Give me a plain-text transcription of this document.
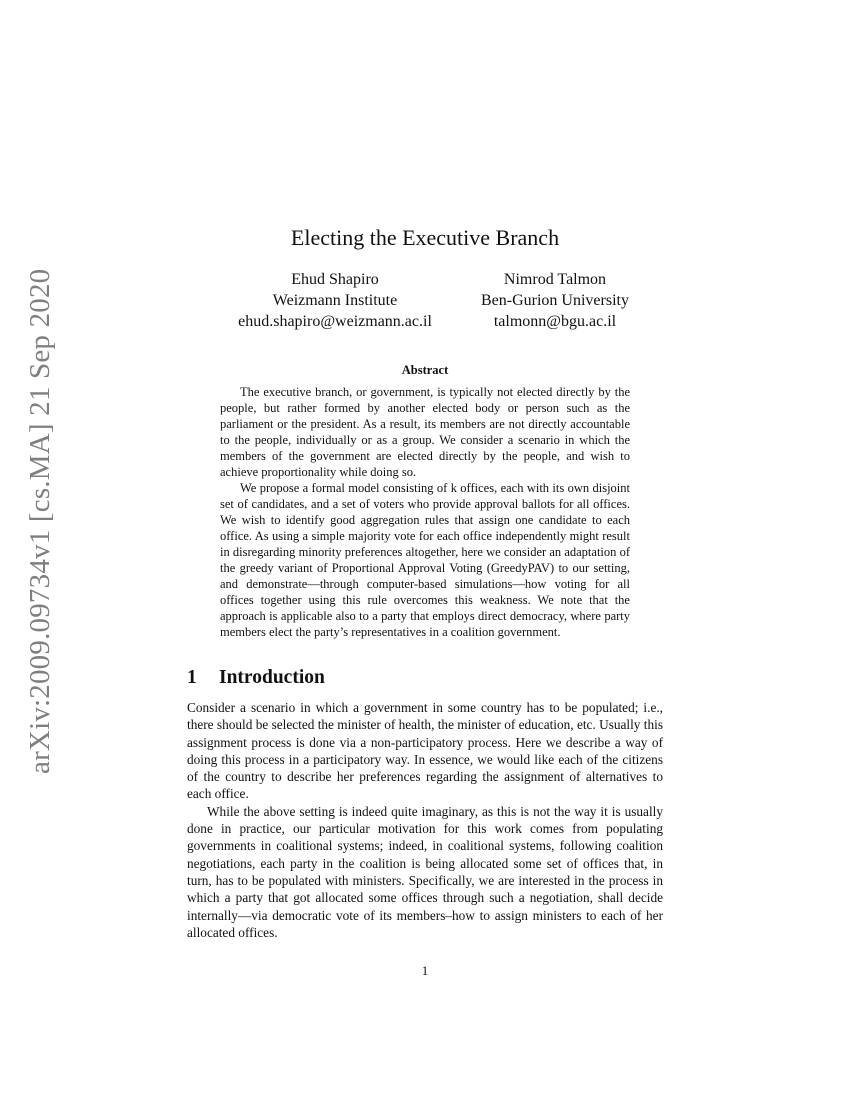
arXiv:2009.09734v1 [cs.MA] 21 Sep 2020
Electing the Executive Branch
Ehud Shapiro
Weizmann Institute
ehud.shapiro@weizmann.ac.il
Nimrod Talmon
Ben-Gurion University
talmonn@bgu.ac.il
Abstract

The executive branch, or government, is typically not elected directly by the people, but rather formed by another elected body or person such as the parliament or the president. As a result, its members are not directly accountable to the people, individually or as a group. We consider a scenario in which the members of the government are elected directly by the people, and wish to achieve proportionality while doing so.

We propose a formal model consisting of k offices, each with its own disjoint set of candidates, and a set of voters who provide approval ballots for all offices. We wish to identify good aggregation rules that assign one candidate to each office. As using a simple majority vote for each office independently might result in disregarding minority preferences altogether, here we consider an adaptation of the greedy variant of Proportional Approval Voting (GreedyPAV) to our setting, and demonstrate—through computer-based simulations—how voting for all offices together using this rule overcomes this weakness. We note that the approach is applicable also to a party that employs direct democracy, where party members elect the party’s representatives in a coalition government.

1 Introduction

Consider a scenario in which a government in some country has to be populated; i.e., there should be selected the minister of health, the minister of education, etc. Usually this assignment process is done via a non-participatory process. Here we describe a way of doing this process in a participatory way. In essence, we would like each of the citizens of the country to describe her preferences regarding the assignment of alternatives to each office.

While the above setting is indeed quite imaginary, as this is not the way it is usually done in practice, our particular motivation for this work comes from populating governments in coalitional systems; indeed, in coalitional systems, following coalition negotiations, each party in the coalition is being allocated some set of offices that, in turn, has to be populated with ministers. Specifically, we are interested in the process in which a party that got allocated some offices through such a negotiation, shall decide internally—via democratic vote of its members–how to assign ministers to each of her allocated offices.

1
